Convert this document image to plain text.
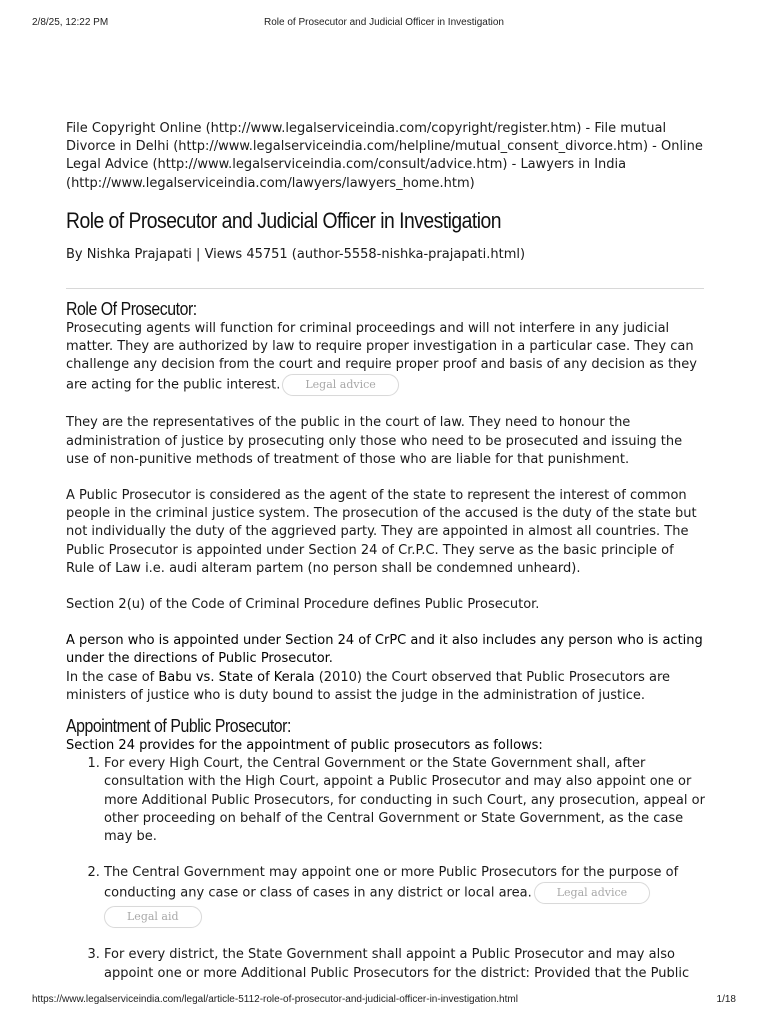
2/8/25, 12:22 PM	Role of Prosecutor and Judicial Officer in Investigation

File Copyright Online (http://www.legalserviceindia.com/copyright/register.htm) - File mutual Divorce in Delhi (http://www.legalserviceindia.com/helpline/mutual_consent_divorce.htm) - Online Legal Advice (http://www.legalserviceindia.com/consult/advice.htm) - Lawyers in India (http://www.legalserviceindia.com/lawyers/lawyers_home.htm)

Role of Prosecutor and Judicial Officer in Investigation

By Nishka Prajapati | Views 45751 (author-5558-nishka-prajapati.html)

Role Of Prosecutor:

Prosecuting agents will function for criminal proceedings and will not interfere in any judicial matter. They are authorized by law to require proper investigation in a particular case. They can challenge any decision from the court and require proper proof and basis of any decision as they are acting for the public interest. Legal advice

They are the representatives of the public in the court of law. They need to honour the administration of justice by prosecuting only those who need to be prosecuted and issuing the use of non-punitive methods of treatment of those who are liable for that punishment.

A Public Prosecutor is considered as the agent of the state to represent the interest of common people in the criminal justice system. The prosecution of the accused is the duty of the state but not individually the duty of the aggrieved party. They are appointed in almost all countries. The Public Prosecutor is appointed under Section 24 of Cr.P.C. They serve as the basic principle of Rule of Law i.e. audi alteram partem (no person shall be condemned unheard).

Section 2(u) of the Code of Criminal Procedure defines Public Prosecutor.

A person who is appointed under Section 24 of CrPC and it also includes any person who is acting under the directions of Public Prosecutor.

In the case of Babu vs. State of Kerala (2010) the Court observed that Public Prosecutors are ministers of justice who is duty bound to assist the judge in the administration of justice.

Appointment of Public Prosecutor:

Section 24 provides for the appointment of public prosecutors as follows:

1. For every High Court, the Central Government or the State Government shall, after consultation with the High Court, appoint a Public Prosecutor and may also appoint one or more Additional Public Prosecutors, for conducting in such Court, any prosecution, appeal or other proceeding on behalf of the Central Government or State Government, as the case may be.
2. The Central Government may appoint one or more Public Prosecutors for the purpose of conducting any case or class of cases in any district or local area. Legal advice
Legal aid
3. For every district, the State Government shall appoint a Public Prosecutor and may also appoint one or more Additional Public Prosecutors for the district: Provided that the Public
https://www.legalserviceindia.com/legal/article-5112-role-of-prosecutor-and-judicial-officer-in-investigation.html	1/18
